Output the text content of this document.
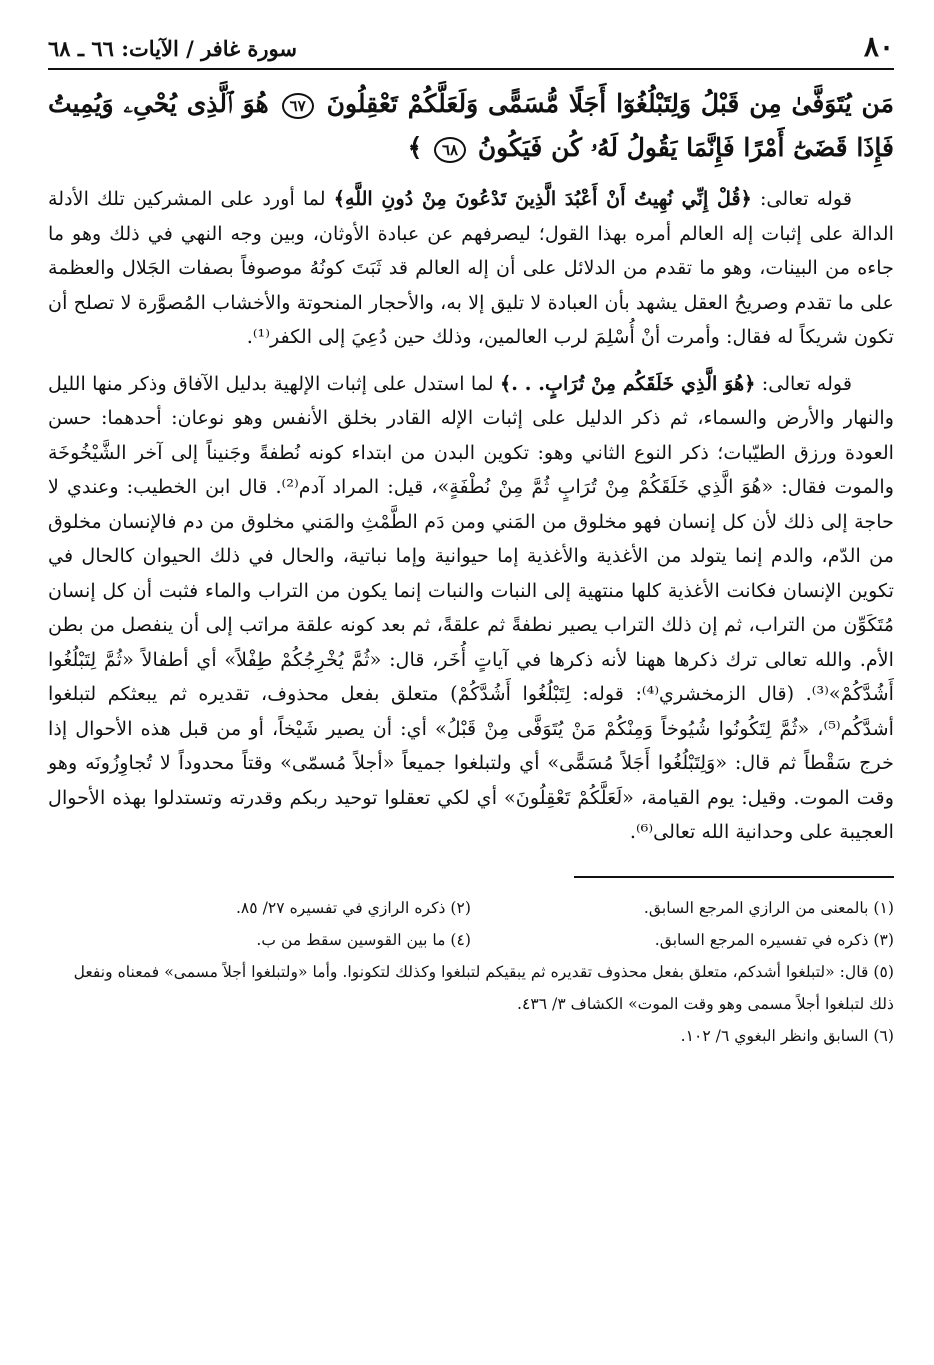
٨٠
سورة غافر / الآيات: ٦٦ ـ ٦٨
مَن يُتَوَفَّىٰ مِن قَبْلُ وَلِتَبْلُغُوٓا أَجَلًا مُّسَمًّى وَلَعَلَّكُمْ تَعْقِلُونَ ٦٧ هُوَ ٱلَّذِى يُحْىِۦ وَيُمِيتُ فَإِذَا قَضَىٰٓ أَمْرًا فَإِنَّمَا يَقُولُ لَهُۥ كُن فَيَكُونُ ٦٨ ﴾

قوله تعالى: ﴿قُلْ إِنِّي نُهِيتُ أَنْ أَعْبُدَ الَّذِينَ تَدْعُونَ مِنْ دُونِ اللَّهِ﴾ لما أورد على المشركين تلك الأدلة الدالة على إثبات إله العالم أمره بهذا القول؛ ليصرفهم عن عبادة الأوثان، وبين وجه النهي في ذلك وهو ما جاءه من البينات، وهو ما تقدم من الدلائل على أن إله العالم قد ثَبَتَ كونُهُ موصوفاً بصفات الجَلال والعظمة على ما تقدم وصريحُ العقل يشهد بأن العبادة لا تليق إلا به، والأحجار المنحوتة والأخشاب المُصوَّرة لا تصلح أن تكون شريكاً له فقال: وأمرت أنْ أُسْلِمَ لرب العالمين، وذلك حين دُعِيَ إلى الكفر⁽¹⁾.

قوله تعالى: ﴿هُوَ الَّذِي خَلَقَكُم مِنْ تُرَابٍ. . .﴾ لما استدل على إثبات الإلهية بدليل الآفاق وذكر منها الليل والنهار والأرض والسماء، ثم ذكر الدليل على إثبات الإله القادر بخلق الأنفس وهو نوعان: أحدهما: حسن العودة ورزق الطيّبات؛ ذكر النوع الثاني وهو: تكوين البدن من ابتداء كونه نُطفةً وجَنيناً إلى آخر الشَّيْخُوخَة والموت فقال: «هُوَ الَّذِي خَلَقَكُمْ مِنْ تُرَابٍ ثُمَّ مِنْ نُطْفَةٍ»، قيل: المراد آدم⁽²⁾. قال ابن الخطيب: وعندي لا حاجة إلى ذلك لأن كل إنسان فهو مخلوق من المَني ومن دَم الطَّمْثِ والمَني مخلوق من دم فالإنسان مخلوق من الدّم، والدم إنما يتولد من الأغذية والأغذية إما حيوانية وإما نباتية، والحال في ذلك الحيوان كالحال في تكوين الإنسان فكانت الأغذية كلها منتهية إلى النبات والنبات إنما يكون من التراب والماء فثبت أن كل إنسان مُتَكَوِّن من التراب، ثم إن ذلك التراب يصير نطفةً ثم علقةً، ثم بعد كونه علقة مراتب إلى أن ينفصل من بطن الأم. والله تعالى ترك ذكرها ههنا لأنه ذكرها في آياتٍ أُخَر، قال: «ثُمَّ يُخْرِجُكُمْ طِفْلاً» أي أطفالاً «ثُمَّ لِتَبْلُغُوا أَشُدَّكُمْ»⁽³⁾. (قال الزمخشري⁽⁴⁾: قوله: لِتَبْلُغُوا أَشُدَّكُمْ) متعلق بفعل محذوف، تقديره ثم يبعثكم لتبلغوا أشدَّكُم⁽⁵⁾، «ثُمَّ لِتَكُونُوا شُيُوخاً وَمِنْكُمْ مَنْ يُتَوَفَّى مِنْ قَبْلُ» أي: أن يصير شَيْخاً، أو من قبل هذه الأحوال إذا خرج سَقْطاً ثم قال: «وَلِتَبْلُغُوا أَجَلاً مُسَمًّى» أي ولتبلغوا جميعاً «أجلاً مُسمّى» وقتاً محدوداً لا تُجاوِزُونَه وهو وقت الموت. وقيل: يوم القيامة، «لَعَلَّكُمْ تَعْقِلُونَ» أي لكي تعقلوا توحيد ربكم وقدرته وتستدلوا بهذه الأحوال العجيبة على وحدانية الله تعالى⁽⁶⁾.

(١) بالمعنى من الرازي المرجع السابق.
(٢) ذكره الرازي في تفسيره ٢٧/ ٨٥.
(٣) ذكره في تفسيره المرجع السابق.
(٤) ما بين القوسين سقط من ب.

(٥) قال: «لتبلغوا أشدكم، متعلق بفعل محذوف تقديره ثم يبقيكم لتبلغوا وكذلك لتكونوا. وأما «ولتبلغوا أجلاً مسمى» فمعناه ونفعل ذلك لتبلغوا أجلاً مسمى وهو وقت الموت» الكشاف ٣/ ٤٣٦.

(٦) السابق وانظر البغوي ٦/ ١٠٢.
